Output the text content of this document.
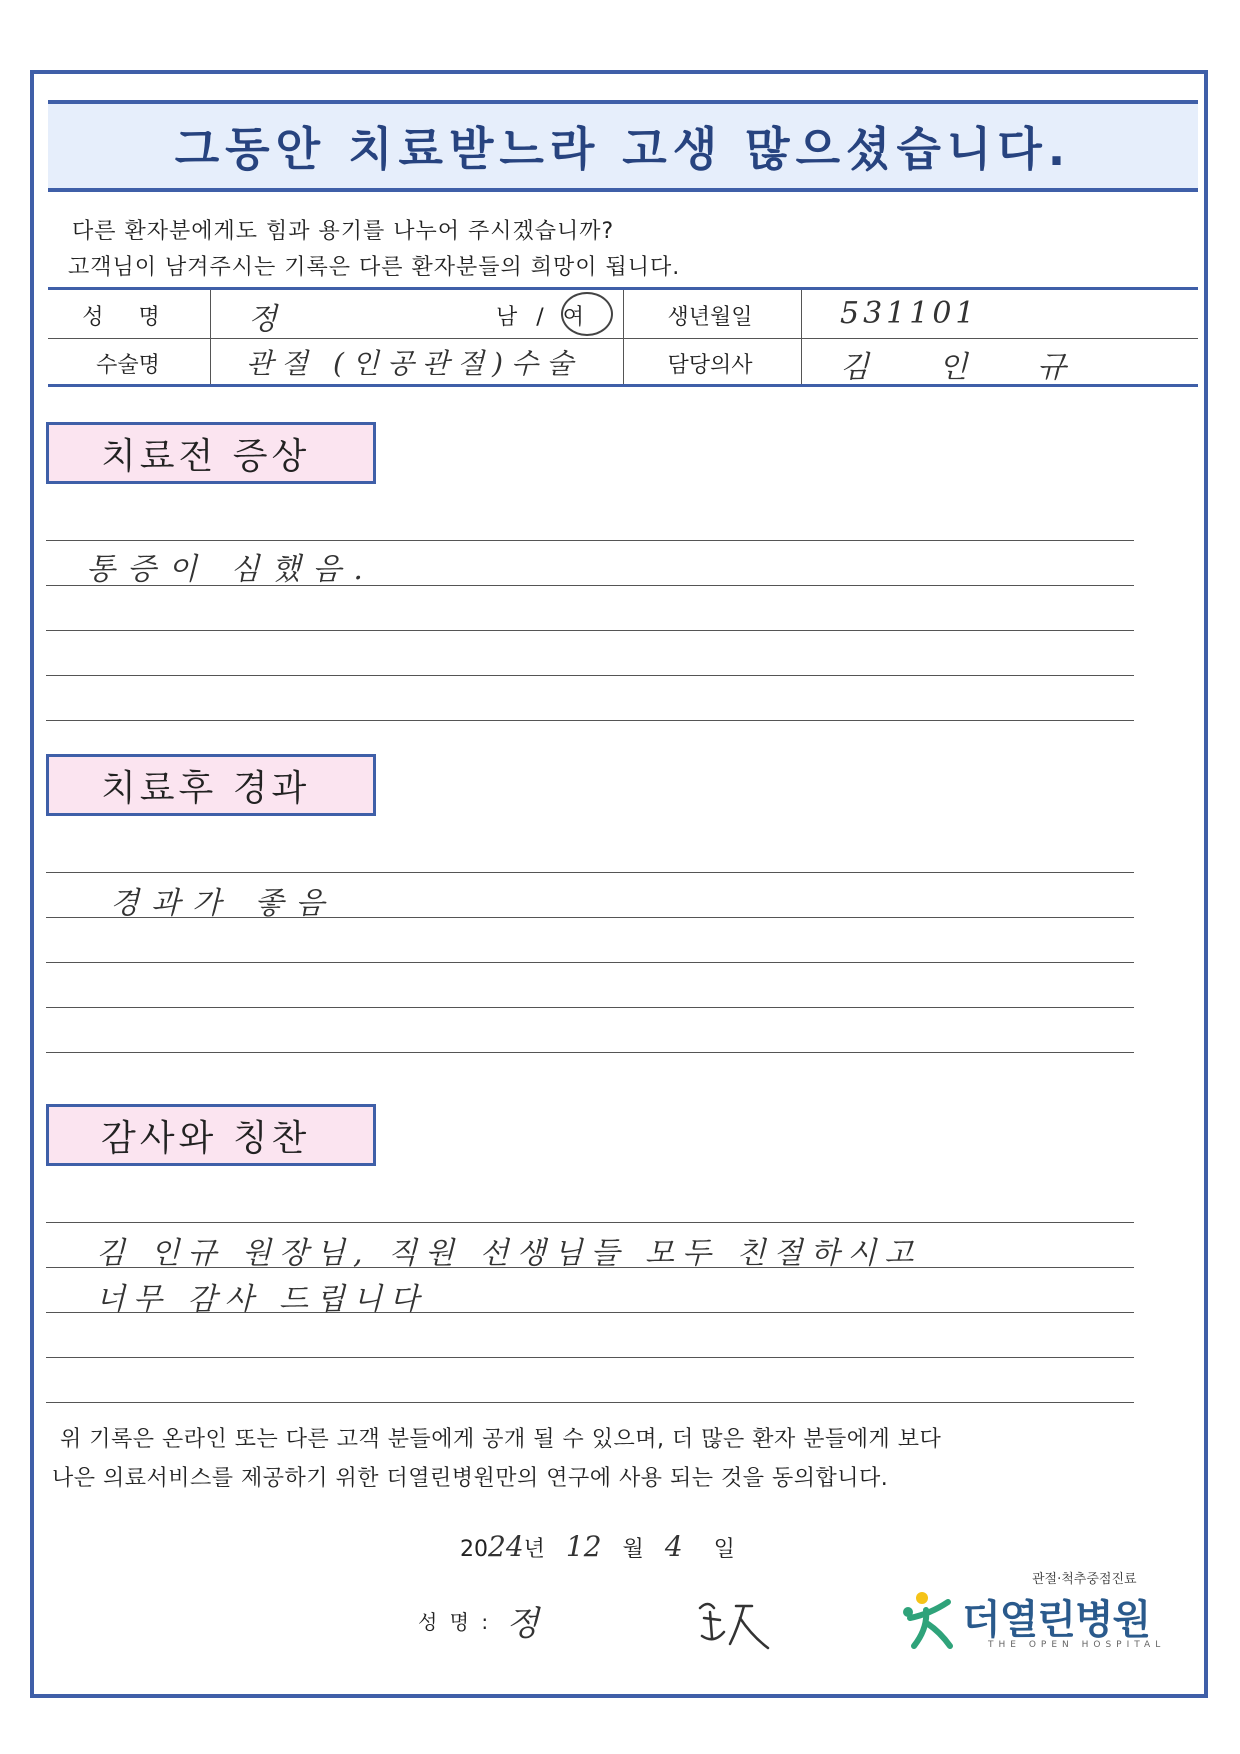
그동안 치료받느라 고생 많으셨습니다.
다른 환자분에게도 힘과 용기를 나누어 주시겠습니까?
고객님이 남겨주시는 기록은 다른 환자분들의 희망이 됩니다.
성 명	정	남 / 여	생년월일	531101
수술명	관절 (인공관절)수술	담당의사	김 인 규
치료전 증상
통증이 심했음.
치료후 경과
경과가 좋음
감사와 칭찬
김 인규 원장님, 직원 선생님들 모두 친절하시고
너무 감사 드립니다
위 기록은 온라인 또는 다른 고객 분들에게 공개 될 수 있으며, 더 많은 환자 분들에게 보다
나은 의료서비스를 제공하기 위한 더열린병원만의 연구에 사용 되는 것을 동의합니다.
2024년 12 월 4 일
성 명 : 정
관절·척추중점진료
더열린병원
THE OPEN HOSPITAL
